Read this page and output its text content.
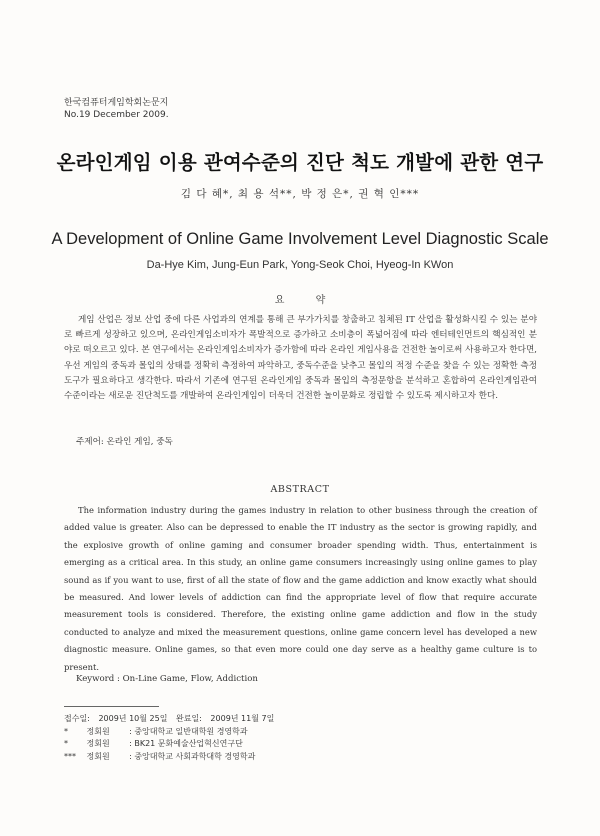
한국컴퓨터게임학회논문지
No.19 December 2009.
온라인게임 이용 관여수준의 진단 척도 개발에 관한 연구
김 다 혜*, 최 용 석**, 박 정 은*, 권 혁 인***
A Development of Online Game Involvement Level Diagnostic Scale
Da-Hye Kim, Jung-Eun Park, Yong-Seok Choi, Hyeog-In KWon
요 약

게임 산업은 정보 산업 중에 다른 사업과의 연계를 통해 큰 부가가치를 창출하고 침체된 IT 산업을 활성화시킬 수 있는 분야로 빠르게 성장하고 있으며, 온라인게임소비자가 폭발적으로 증가하고 소비층이 폭넓어짐에 따라 엔터테인먼트의 핵심적인 분야로 떠오르고 있다. 본 연구에서는 온라인게임소비자가 증가함에 따라 온라인 게임사용을 건전한 놀이로써 사용하고자 한다면, 우선 게임의 중독과 몰입의 상태를 정확히 측정하여 파악하고, 중독수준을 낮추고 몰입의 적정 수준을 찾을 수 있는 정확한 측정도구가 필요하다고 생각한다. 따라서 기존에 연구된 온라인게임 중독과 몰입의 측정문항을 분석하고 혼합하여 온라인게임관여수준이라는 새로운 진단척도를 개발하여 온라인게임이 더욱더 건전한 놀이문화로 정립할 수 있도록 제시하고자 한다.

주제어: 온라인 게임, 중독
ABSTRACT

The information industry during the games industry in relation to other business through the creation of added value is greater. Also can be depressed to enable the IT industry as the sector is growing rapidly, and the explosive growth of online gaming and consumer broader spending width. Thus, entertainment is emerging as a critical area. In this study, an online game consumers increasingly using online games to play sound as if you want to use, first of all the state of flow and the game addiction and know exactly what should be measured. And lower levels of addiction can find the appropriate level of flow that require accurate measurement tools is considered. Therefore, the existing online game addiction and flow in the study conducted to analyze and mixed the measurement questions, online game concern level has developed a new diagnostic measure. Online games, so that even more could one day serve as a healthy game culture is to present.

Keyword : On-Line Game, Flow, Addiction
접수일: 2009년 10월 25일 완료일: 2009년 11월 7일
* 정회원 : 중앙대학교 일반대학원 경영학과
* 정회원 : BK21 문화예술산업혁신연구단
*** 정회원 : 중앙대학교 사회과학대학 경영학과
